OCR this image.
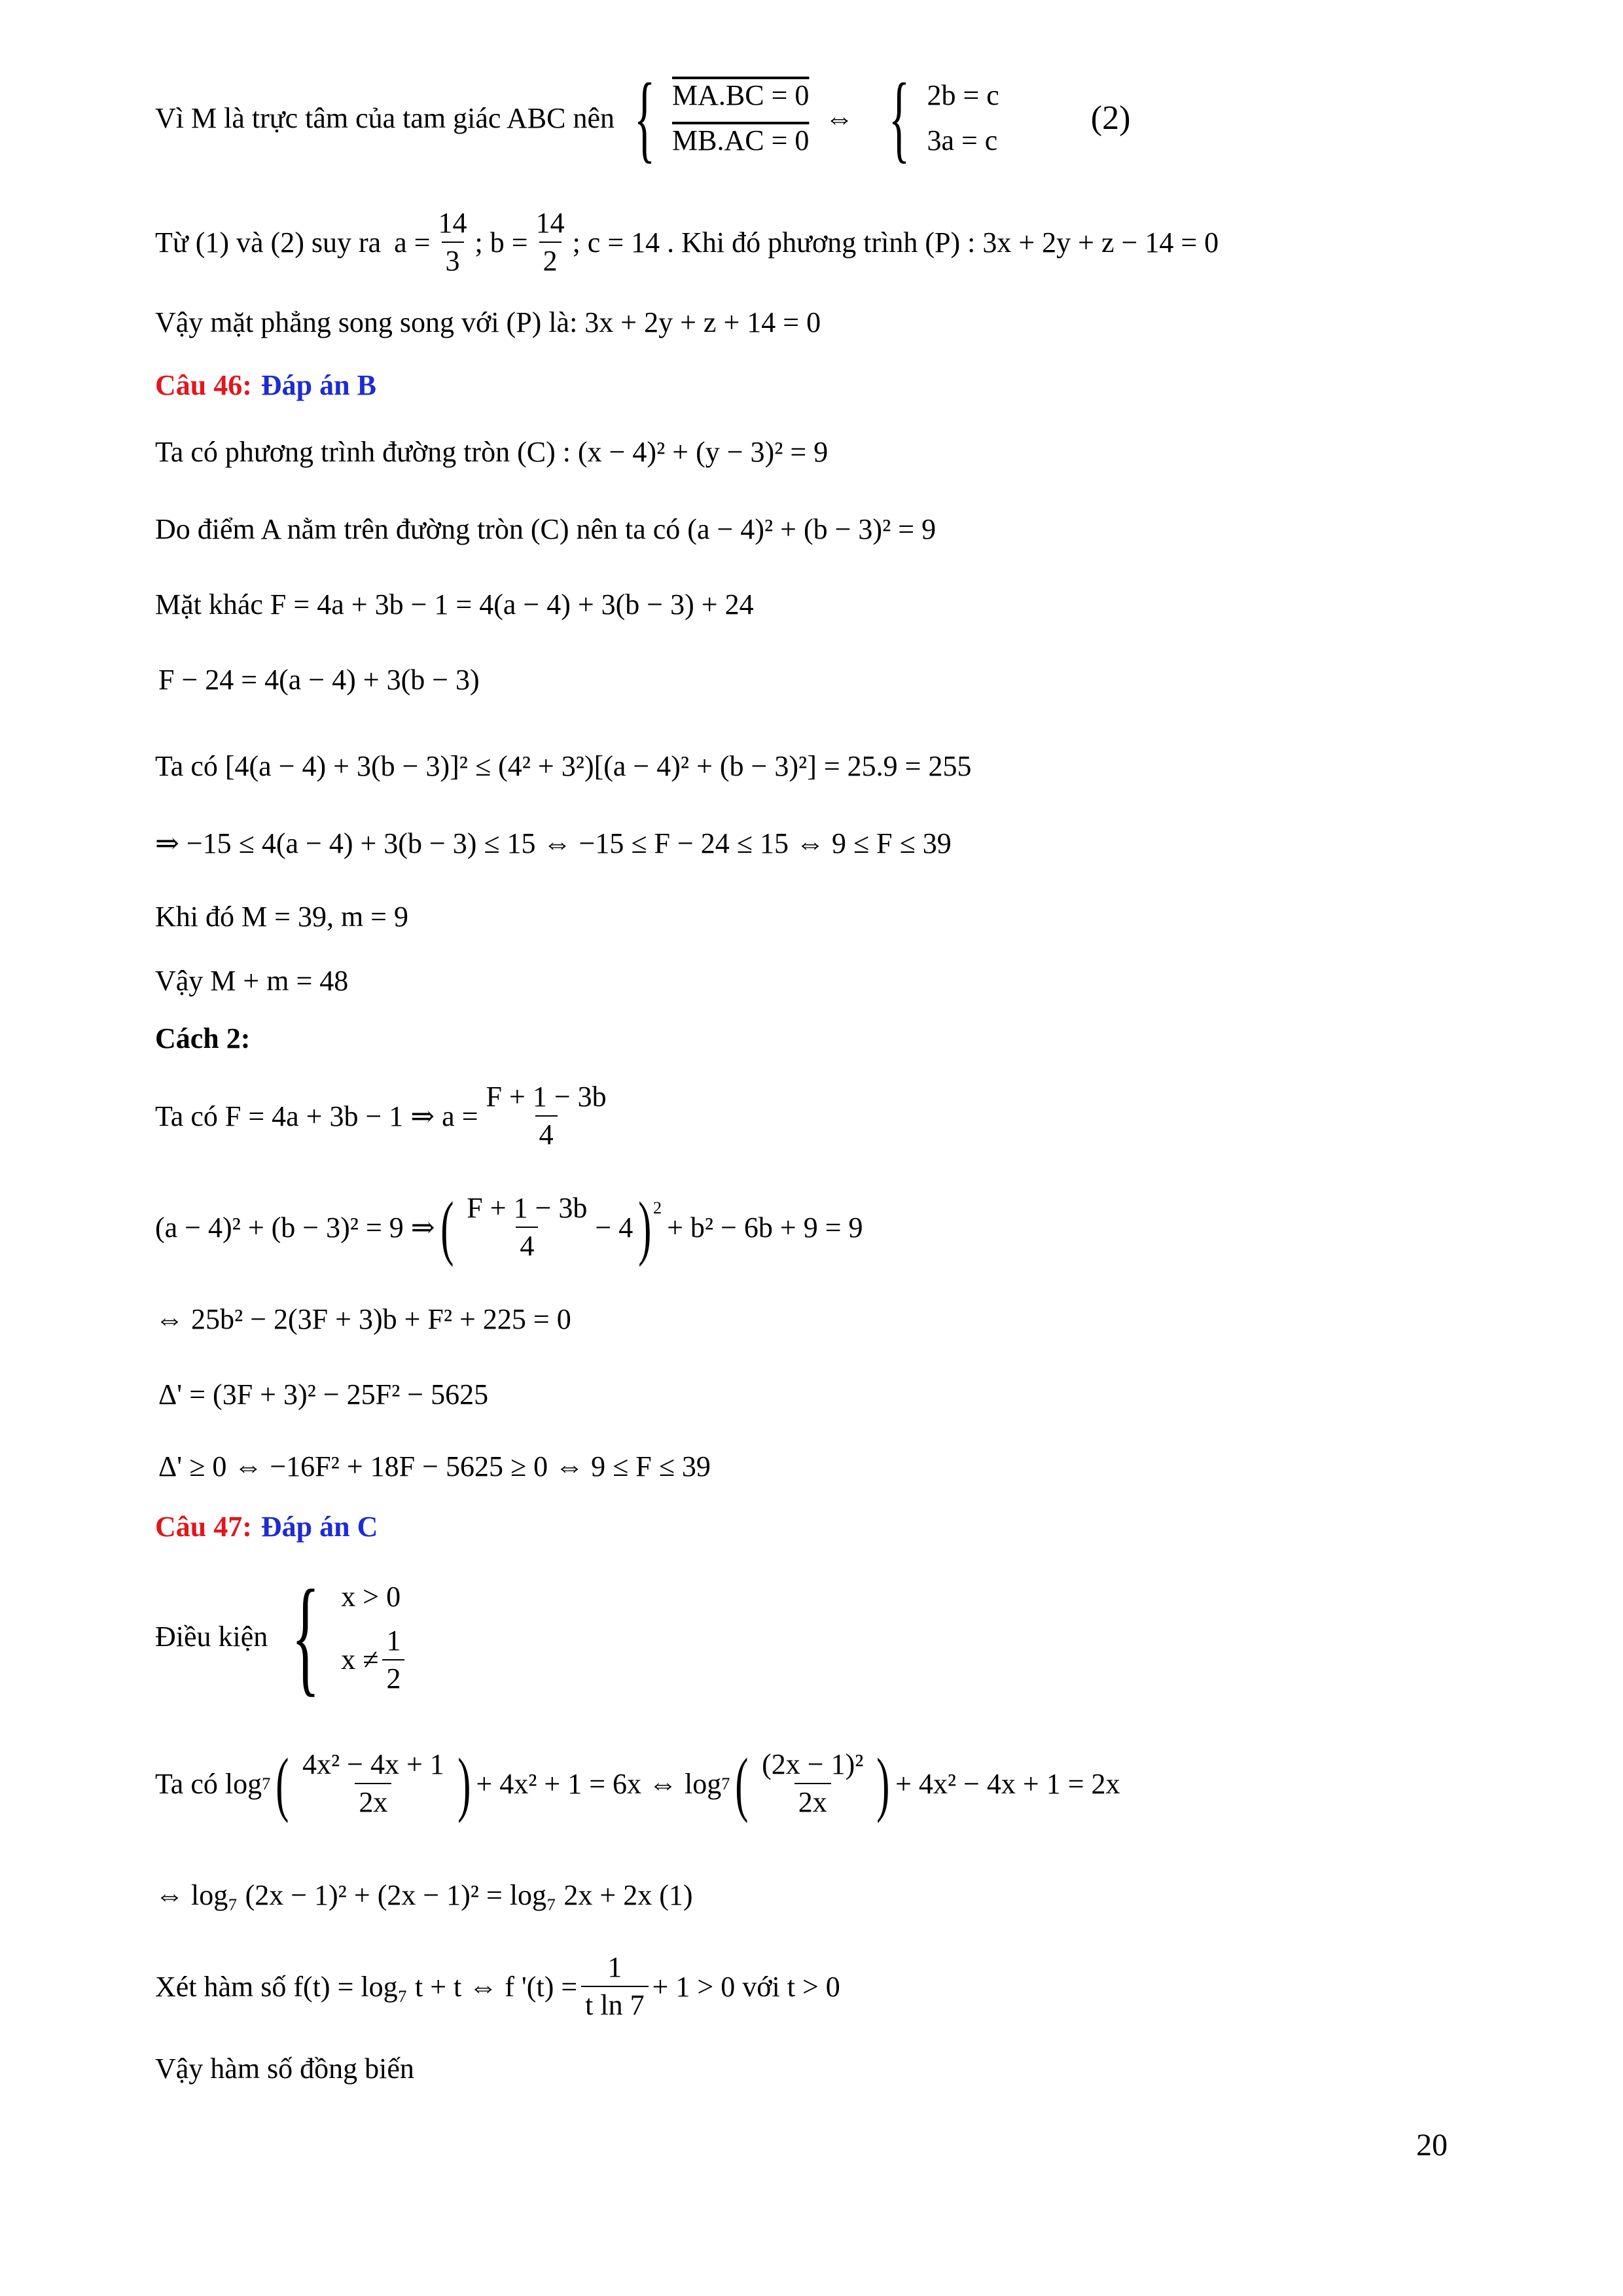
Vì M là trực tâm của tam giác ABC nên { MA.BC = 0
MB.AC = 0
⇔ { 2b = c
3a = c
(2)
Từ (1) và (2) suy ra $a = \frac{14}{3}$ ; $b = \frac{14}{2}$ ; c = 14 . Khi đó phương trình (P) : 3x + 2y + z − 14 = 0
Vậy mặt phẳng song song với (P) là: 3x + 2y + z + 14 = 0
Câu 46: Đáp án B
Ta có phương trình đường tròn (C) : (x − 4)² + (y − 3)² = 9
Do điểm A nằm trên đường tròn (C) nên ta có (a − 4)² + (b − 3)² = 9
Mặt khác F = 4a + 3b − 1 = 4(a − 4) + 3(b − 3) + 24
F − 24 = 4(a − 4) + 3(b − 3)
Ta có [4(a − 4) + 3(b − 3)]² ≤ (4² + 3²)[(a − 4)² + (b − 3)²] = 25.9 = 255
⇒ −15 ≤ 4(a − 4) + 3(b − 3) ≤ 15 ⇔ −15 ≤ F − 24 ≤ 15 ⇔ 9 ≤ F ≤ 39
Khi đó M = 39, m = 9
Vậy M + m = 48
Cách 2:
Ta có F = 4a + 3b − 1 ⇒ $a = \frac{F + 1 - 3b}{4}$
(a − 4)² + (b − 3)² = 9 ⇒ ( $\frac{F + 1 - 3b}{4} - 4$ )$^2$
+ b² − 6b + 9 = 9
⇔ 25b² − 2(3F + 3)b + F² + 225 = 0
Δ' = (3F + 3)² − 25F² − 5625
Δ' ≥ 0 ⇔ −16F² + 18F − 5625 ≥ 0 ⇔ 9 ≤ F ≤ 39
Câu 47: Đáp án C
Điều kiện { x > 0
$x \ne \frac{1}{2}$
Ta có log 7 ( $\frac{\text{4x² − 4x + 1}}{2x}$ ) + 4x² + 1 = 6x ⇔ log 7 ( $\frac{\text{(2x − 1)²}}{2x}$ ) + 4x² − 4x + 1 = 2x
⇔ log₇ (2x − 1)² + (2x − 1)² = log₇ 2x + 2x (1)
Xét hàm số f(t) = log₇ t + t ⇔ f '$(t) = \frac{1}{\text{t ln 7}} + 1 > 0$ với t > 0
Vậy hàm số đồng biến
20
